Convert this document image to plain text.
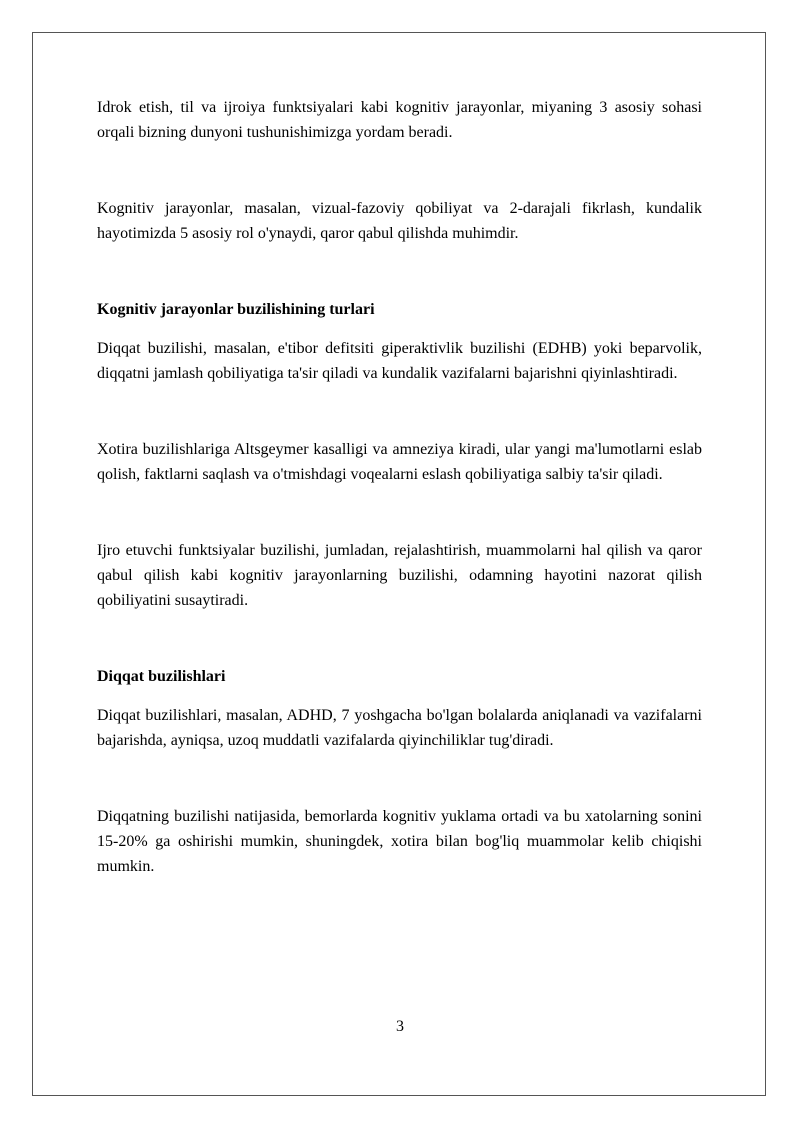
Idrok etish, til va ijroiya funktsiyalari kabi kognitiv jarayonlar, miyaning 3 asosiy sohasi orqali bizning dunyoni tushunishimizga yordam beradi.

Kognitiv jarayonlar, masalan, vizual-fazoviy qobiliyat va 2-darajali fikrlash, kundalik hayotimizda 5 asosiy rol o'ynaydi, qaror qabul qilishda muhimdir.

Kognitiv jarayonlar buzilishining turlari

Diqqat buzilishi, masalan, e'tibor defitsiti giperaktivlik buzilishi (EDHB) yoki beparvolik, diqqatni jamlash qobiliyatiga ta'sir qiladi va kundalik vazifalarni bajarishni qiyinlashtiradi.

Xotira buzilishlariga Altsgeymer kasalligi va amneziya kiradi, ular yangi ma'lumotlarni eslab qolish, faktlarni saqlash va o'tmishdagi voqealarni eslash qobiliyatiga salbiy ta'sir qiladi.

Ijro etuvchi funktsiyalar buzilishi, jumladan, rejalashtirish, muammolarni hal qilish va qaror qabul qilish kabi kognitiv jarayonlarning buzilishi, odamning hayotini nazorat qilish qobiliyatini susaytiradi.

Diqqat buzilishlari

Diqqat buzilishlari, masalan, ADHD, 7 yoshgacha bo'lgan bolalarda aniqlanadi va vazifalarni bajarishda, ayniqsa, uzoq muddatli vazifalarda qiyinchiliklar tug'diradi.

Diqqatning buzilishi natijasida, bemorlarda kognitiv yuklama ortadi va bu xatolarning sonini 15-20% ga oshirishi mumkin, shuningdek, xotira bilan bog'liq muammolar kelib chiqishi mumkin.

3
